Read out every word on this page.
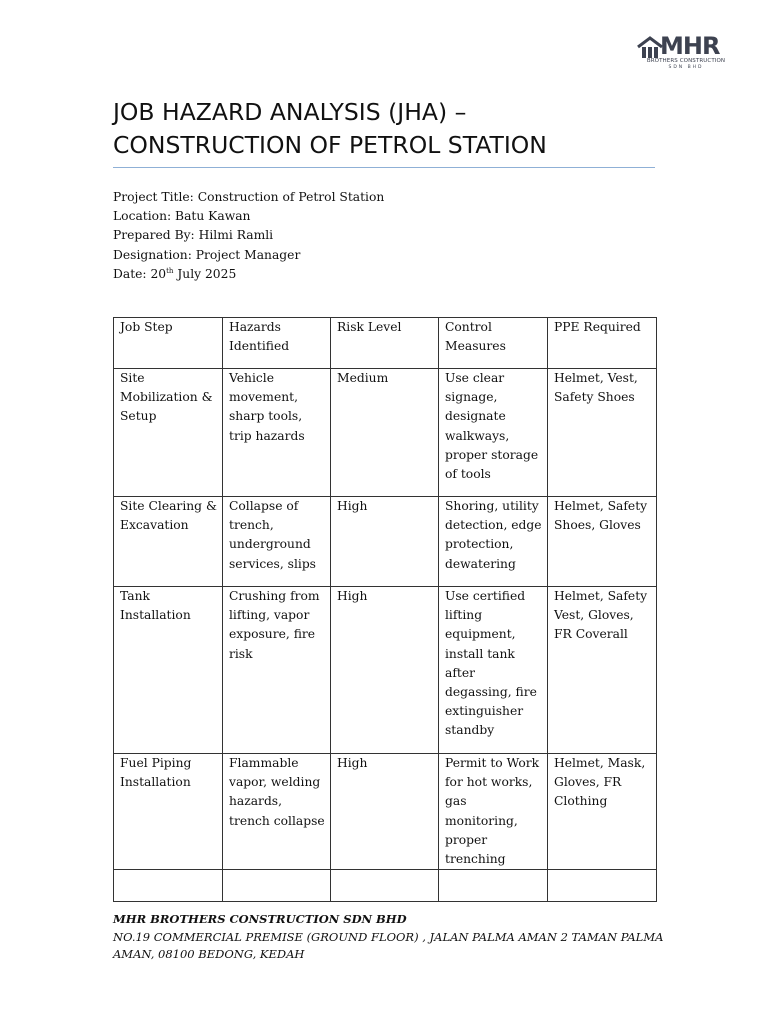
MHR
BROTHERS CONSTRUCTION
SDN BHD
JOB HAZARD ANALYSIS (JHA) –
CONSTRUCTION OF PETROL STATION
Project Title: Construction of Petrol Station
Location: Batu Kawan
Prepared By: Hilmi Ramli
Designation: Project Manager
Date: 20th July 2025
Job Step	Hazards Identified	Risk Level	Control Measures	PPE Required
Site Mobilization & Setup	Vehicle movement, sharp tools, trip hazards	Medium	Use clear signage, designate walkways, proper storage of tools	Helmet, Vest, Safety Shoes
Site Clearing & Excavation	Collapse of trench, underground services, slips	High	Shoring, utility detection, edge protection, dewatering	Helmet, Safety Shoes, Gloves
Tank Installation	Crushing from lifting, vapor exposure, fire risk	High	Use certified lifting equipment, install tank after degassing, fire extinguisher standby	Helmet, Safety Vest, Gloves, FR Coverall
Fuel Piping Installation	Flammable vapor, welding hazards, trench collapse	High	Permit to Work for hot works, gas monitoring, proper trenching	Helmet, Mask, Gloves, FR Clothing

MHR BROTHERS CONSTRUCTION SDN BHD
NO.19 COMMERCIAL PREMISE (GROUND FLOOR) , JALAN PALMA AMAN 2 TAMAN PALMA
AMAN, 08100 BEDONG, KEDAH
